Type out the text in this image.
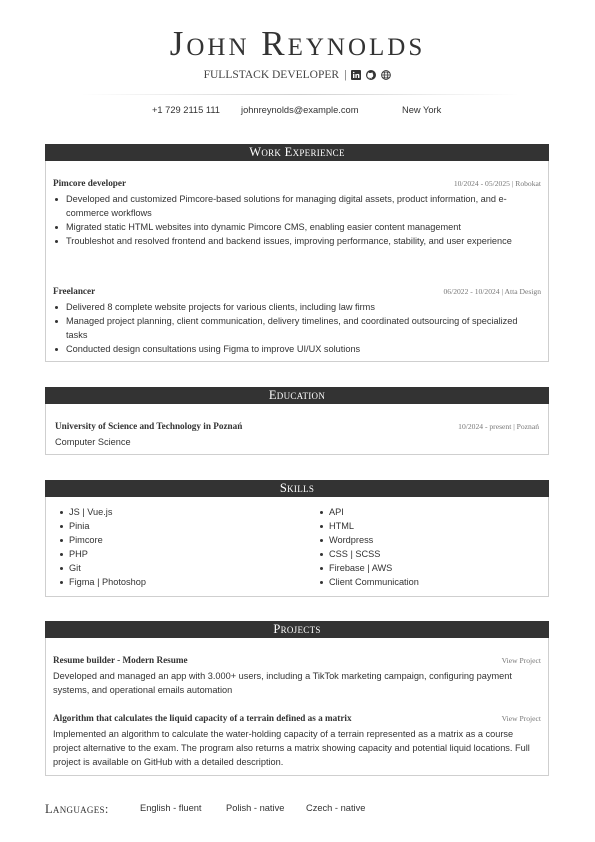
John Reynolds
FULLSTACK DEVELOPER |
+1 729 2115 111 johnreynolds@example.com	New York
Work Experience
Pimcore developer	10/2024 - 05/2025 | Robokat
Developed and customized Pimcore-based solutions for managing digital assets, product information, and e-commerce workflows
Migrated static HTML websites into dynamic Pimcore CMS, enabling easier content management
Troubleshot and resolved frontend and backend issues, improving performance, stability, and user experience
Freelancer	06/2022 - 10/2024 | Atta Design
Delivered 8 complete website projects for various clients, including law firms
Managed project planning, client communication, delivery timelines, and coordinated outsourcing of specialized tasks
Conducted design consultations using Figma to improve UI/UX solutions
Education
University of Science and Technology in Poznań	10/2024 - present | Poznań
Computer Science
Skills
JS | Vue.js
Pinia
Pimcore
PHP
Git
Figma | Photoshop
API
HTML
Wordpress
CSS | SCSS
Firebase | AWS
Client Communication
Projects
Resume builder - Modern Resume	View Project
Developed and managed an app with 3.000+ users, including a TikTok marketing campaign, configuring payment systems, and operational emails automation
Algorithm that calculates the liquid capacity of a terrain defined as a matrix	View Project
Implemented an algorithm to calculate the water-holding capacity of a terrain represented as a matrix as a course project alternative to the exam. The program also returns a matrix showing capacity and potential liquid locations. Full project is available on GitHub with a detailed description.
Languages:	English - fluent	Polish - native Czech - native
